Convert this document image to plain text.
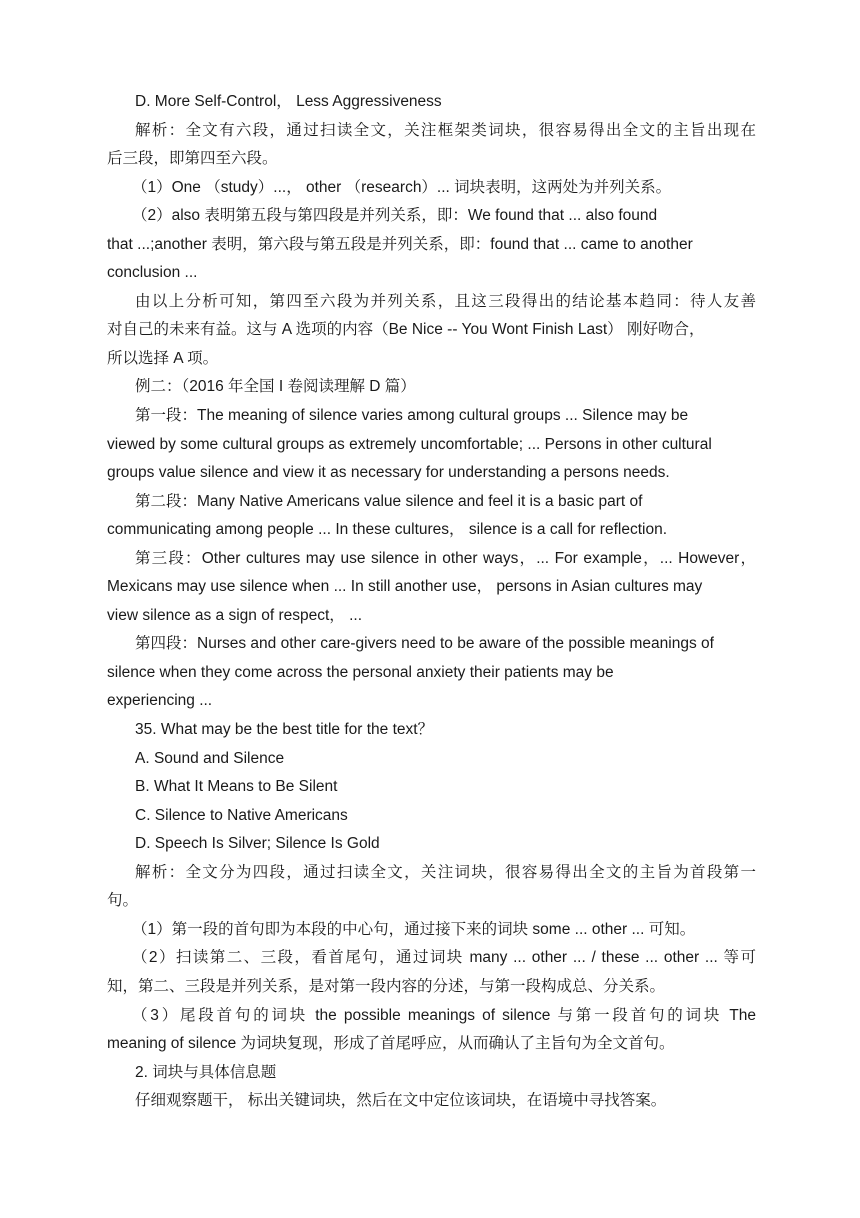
D. More Self-Control， Less Aggressiveness

解析：全文有六段，通过扫读全文，关注框架类词块，很容易得出全文的主旨出现在

后三段，即第四至六段。

（1）One （study）...， other （research）... 词块表明，这两处为并列关系。

（2）also 表明第五段与第四段是并列关系，即：We found that ... also found

that ...;another 表明，第六段与第五段是并列关系，即：found that ... came to another

conclusion ...

由以上分析可知，第四至六段为并列关系，且这三段得出的结论基本趋同：待人友善

对自己的未来有益。这与 A 选项的内容（Be Nice -- You Wont Finish Last） 刚好吻合，

所以选择 A 项。

例二：（2016 年全国 I 卷阅读理解 D 篇）

第一段：The meaning of silence varies among cultural groups ... Silence may be

viewed by some cultural groups as extremely uncomfortable; ... Persons in other cultural

groups value silence and view it as necessary for understanding a persons needs.

第二段：Many Native Americans value silence and feel it is a basic part of

communicating among people ... In these cultures， silence is a call for reflection.

第三段：Other cultures may use silence in other ways，... For example，... However，

Mexicans may use silence when ... In still another use， persons in Asian cultures may

view silence as a sign of respect， ...

第四段：Nurses and other care-givers need to be aware of the possible meanings of

silence when they come across the personal anxiety their patients may be

experiencing ...

35. What may be the best title for the text？

A. Sound and Silence

B. What It Means to Be Silent

C. Silence to Native Americans

D. Speech Is Silver; Silence Is Gold

解析：全文分为四段，通过扫读全文，关注词块，很容易得出全文的主旨为首段第一

句。

（1）第一段的首句即为本段的中心句，通过接下来的词块 some ... other ... 可知。

（2）扫读第二、三段，看首尾句，通过词块 many ... other ... / these ... other ... 等可

知，第二、三段是并列关系，是对第一段内容的分述，与第一段构成总、分关系。

（3）尾段首句的词块 the possible meanings of silence 与第一段首句的词块 The

meaning of silence 为词块复现，形成了首尾呼应，从而确认了主旨句为全文首句。

2. 词块与具体信息题

仔细观察题干， 标出关键词块，然后在文中定位该词块，在语境中寻找答案。
